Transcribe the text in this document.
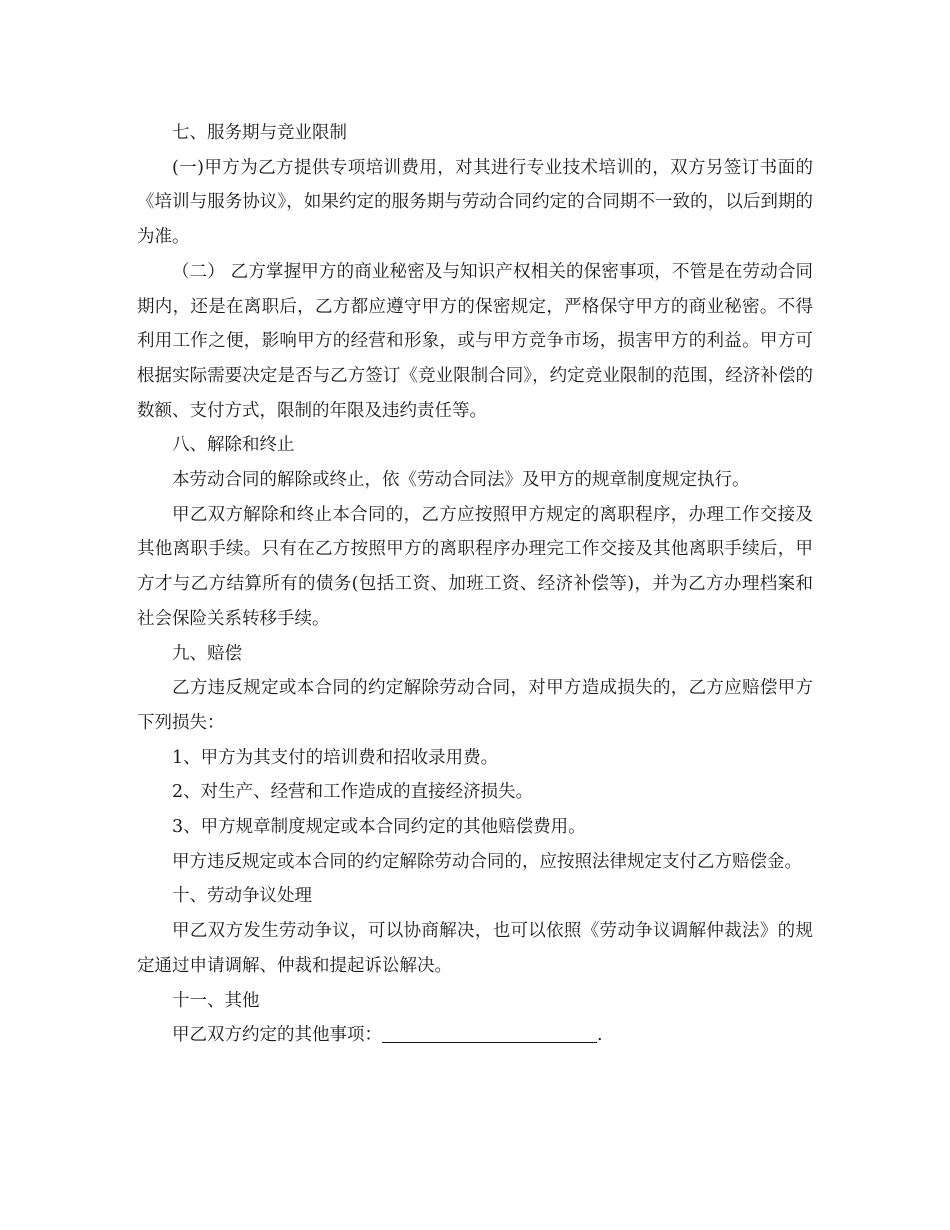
七、服务期与竞业限制

(一)甲方为乙方提供专项培训费用，对其进行专业技术培训的，双方另签订书面的《培训与服务协议》，如果约定的服务期与劳动合同约定的合同期不一致的，以后到期的为准。

（二） 乙方掌握甲方的商业秘密及与知识产权相关的保密事项，不管是在劳动合同期内，还是在离职后，乙方都应遵守甲方的保密规定，严格保守甲方的商业秘密。不得利用工作之便，影响甲方的经营和形象，或与甲方竞争市场，损害甲方的利益。甲方可根据实际需要决定是否与乙方签订《竞业限制合同》，约定竞业限制的范围，经济补偿的数额、支付方式，限制的年限及违约责任等。

八、解除和终止

本劳动合同的解除或终止，依《劳动合同法》及甲方的规章制度规定执行。

甲乙双方解除和终止本合同的，乙方应按照甲方规定的离职程序，办理工作交接及其他离职手续。只有在乙方按照甲方的离职程序办理完工作交接及其他离职手续后，甲方才与乙方结算所有的债务(包括工资、加班工资、经济补偿等)，并为乙方办理档案和社会保险关系转移手续。

九、赔偿

乙方违反规定或本合同的约定解除劳动合同，对甲方造成损失的，乙方应赔偿甲方下列损失：

1、甲方为其支付的培训费和招收录用费。

2、对生产、经营和工作造成的直接经济损失。

3、甲方规章制度规定或本合同约定的其他赔偿费用。

甲方违反规定或本合同的约定解除劳动合同的，应按照法律规定支付乙方赔偿金。

十、劳动争议处理

甲乙双方发生劳动争议，可以协商解决，也可以依照《劳动争议调解仲裁法》的规定通过申请调解、仲裁和提起诉讼解决。

十一、其他

甲乙双方约定的其他事项：	.
